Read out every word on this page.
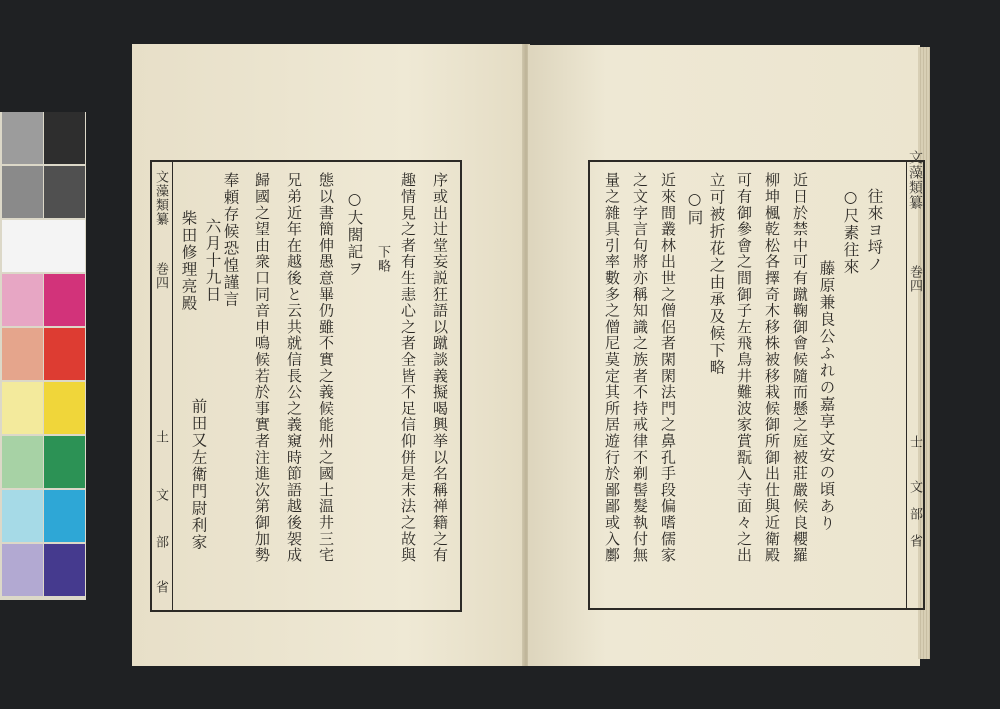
文藻類纂
巻四
土
文
部
省
序或出辻堂妄説狂語以蹴談義擬喝興挙以名稱禅籍之有
趣情見之者有生恚心之者全皆不足信仰併是末法之故與
下略
○大閤記ヲ
態以書簡伸愚意畢仍雖不實之義候能州之國士温井三宅
兄弟近年在越後と云共就信長公之義窺時節語越後袈成
歸國之望由衆口同音申鳴候若於事實者注進次第御加勢
奉頼存候恐惶謹言
六月十九日
前田又左衛門尉利家
柴田修理亮殿
文藻類纂
巻四
士
文部省
往來ヨ埒ノ
○尺素往來
藤原兼良公ふれの嘉享文安の頃あり
近日於禁中可有蹴鞠御會候隨而懸之庭被莊嚴候良櫻羅
柳坤楓乾松各擇奇木移株被移栽候御所御出仕與近衛殿
可有御參會之間御子左飛鳥井難波家賞翫入寺面々之出
立可被折花之由承及候下略
○同
近來間叢林出世之僧侶者閑閑法門之鼻孔手段偏嗜儒家
之文字言句將亦稱知識之族者不持戒律不剃髻髮執付無
量之雜具引率數多之僧尼莫定其所居遊行於鄙鄙或入鄽
